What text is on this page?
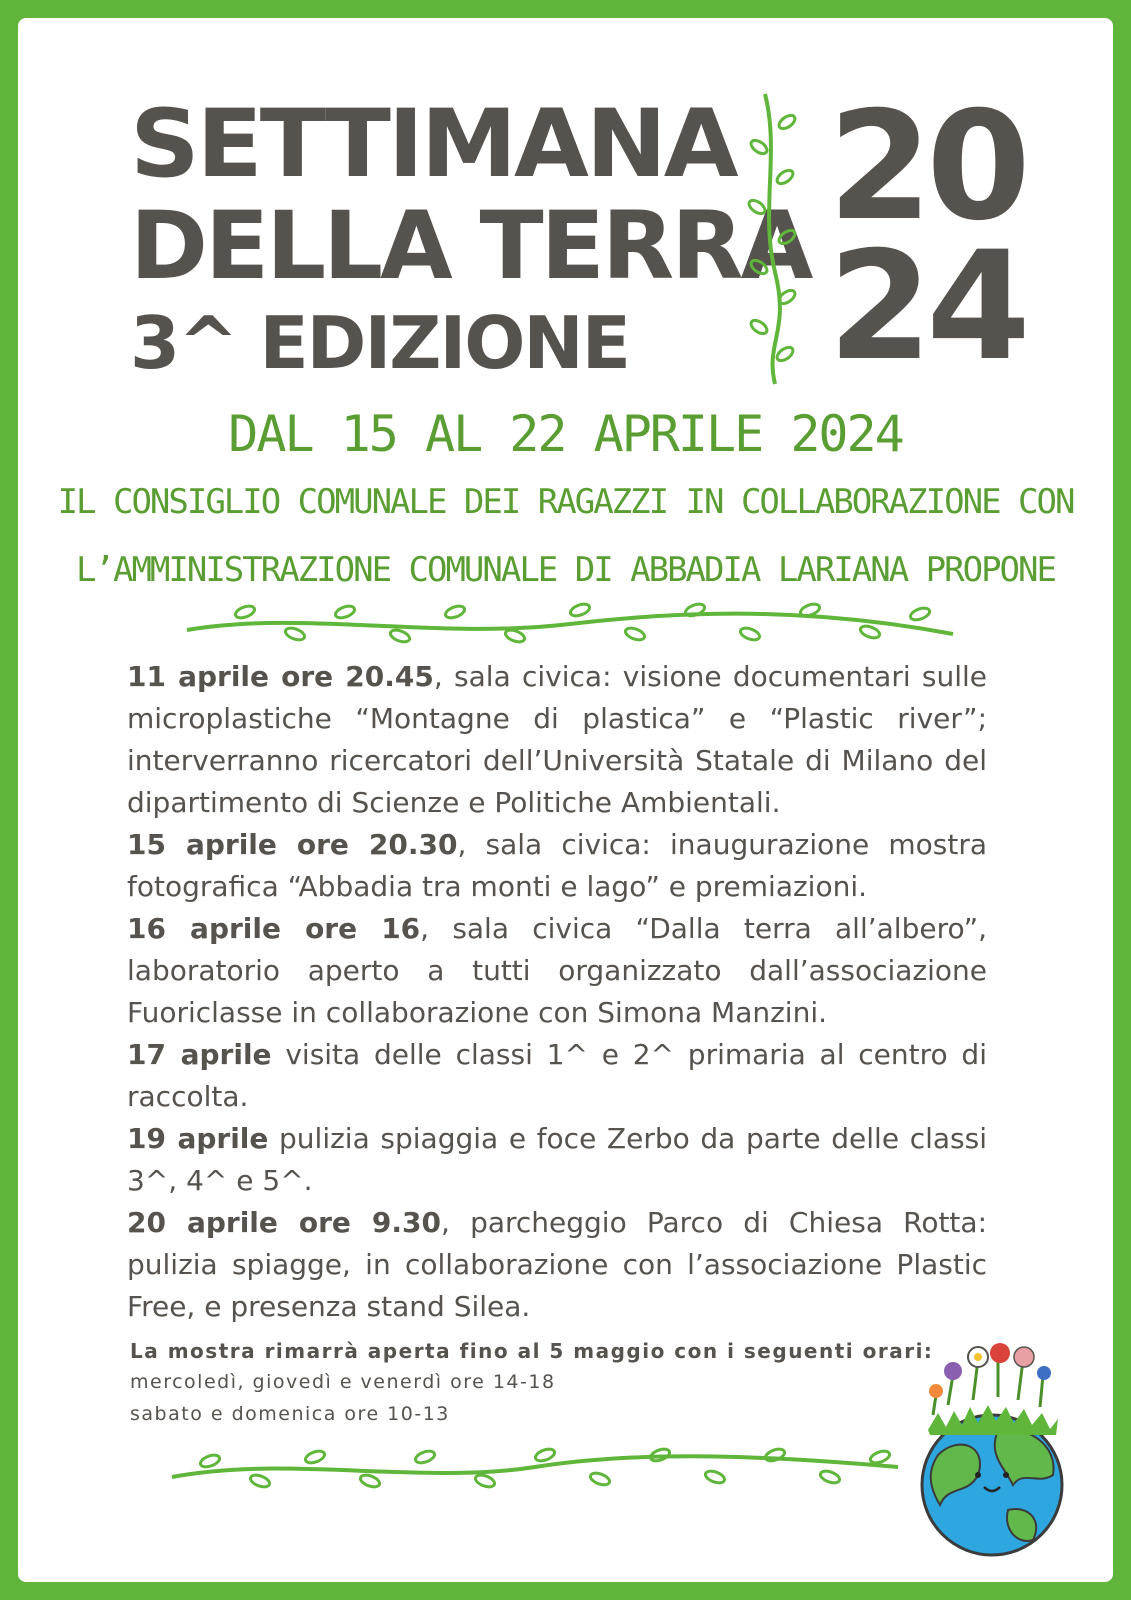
SETTIMANA
DELLA TERRA
3^ EDIZIONE
20
24
DAL 15 AL 22 APRILE 2024
IL CONSIGLIO COMUNALE DEI RAGAZZI IN COLLABORAZIONE CON
L’AMMINISTRAZIONE COMUNALE DI ABBADIA LARIANA PROPONE

11 aprile ore 20.45, sala civica: visione documentari sulle microplastiche “Montagne di plastica” e “Plastic river”; interverranno ricercatori dell’Università Statale di Milano del dipartimento di Scienze e Politiche Ambientali.

15 aprile ore 20.30, sala civica: inaugurazione mostra fotografica “Abbadia tra monti e lago” e premiazioni.

16 aprile ore 16, sala civica “Dalla terra all’albero”, laboratorio aperto a tutti organizzato dall’associazione Fuoriclasse in collaborazione con Simona Manzini.

17 aprile visita delle classi 1^ e 2^ primaria al centro di raccolta.

19 aprile pulizia spiaggia e foce Zerbo da parte delle classi 3^, 4^ e 5^.

20 aprile ore 9.30, parcheggio Parco di Chiesa Rotta: pulizia spiagge, in collaborazione con l’associazione Plastic Free, e presenza stand Silea.

La mostra rimarrà aperta fino al 5 maggio con i seguenti orari:
mercoledì, giovedì e venerdì ore 14-18
sabato e domenica ore 10-13
